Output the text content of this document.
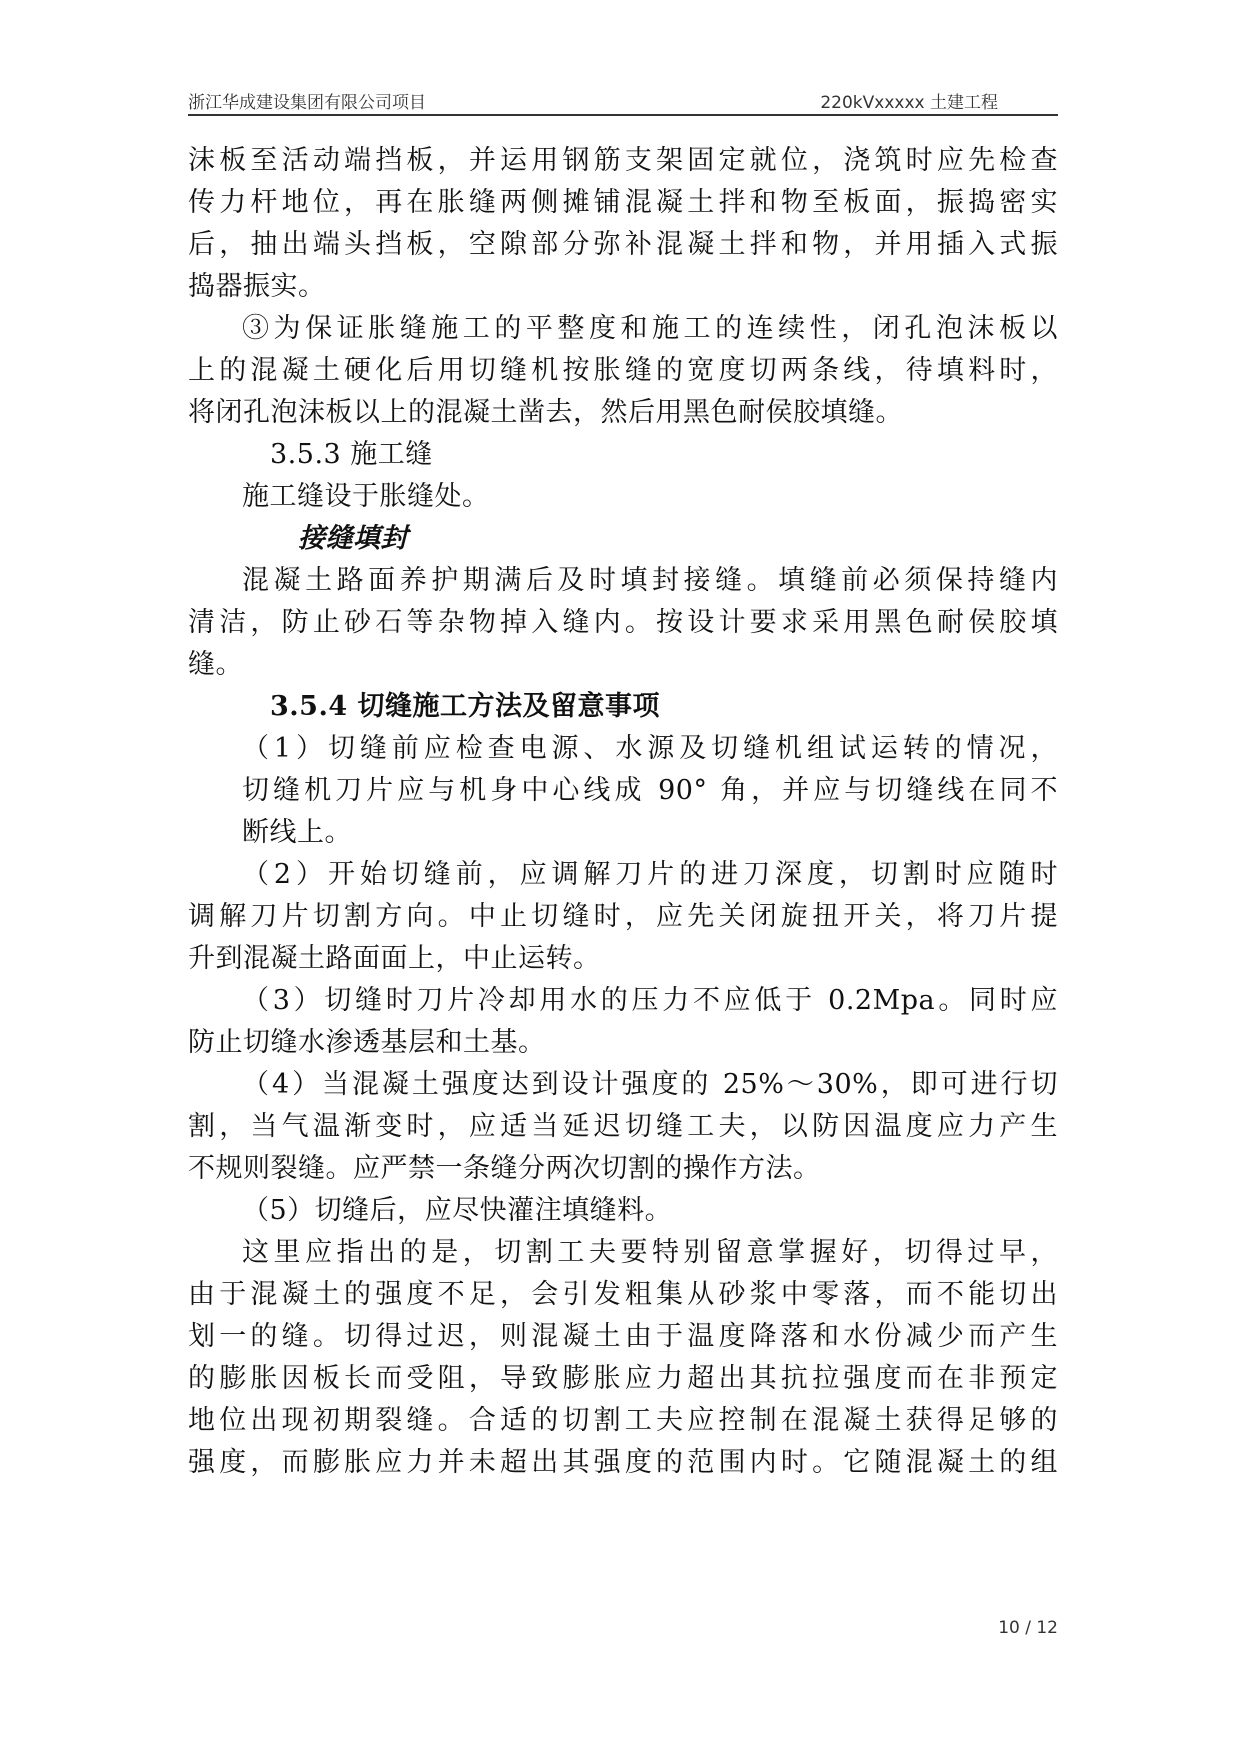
浙江华成建设集团有限公司项目	220kVxxxxx 土建工程
沫板至活动端挡板，并运用钢筋支架固定就位，浇筑时应先检查
传力杆地位，再在胀缝两侧摊铺混凝土拌和物至板面，振捣密实
后，抽出端头挡板，空隙部分弥补混凝土拌和物，并用插入式振
捣器振实。
③为保证胀缝施工的平整度和施工的连续性，闭孔泡沫板以
上的混凝土硬化后用切缝机按胀缝的宽度切两条线，待填料时，
将闭孔泡沫板以上的混凝土凿去，然后用黑色耐侯胶填缝。
3.5.3 施工缝
施工缝设于胀缝处。
接缝填封
混凝土路面养护期满后及时填封接缝。填缝前必须保持缝内
清洁，防止砂石等杂物掉入缝内。按设计要求采用黑色耐侯胶填
缝。
3.5.4 切缝施工方法及留意事项
（1）切缝前应检查电源、水源及切缝机组试运转的情况，
切缝机刀片应与机身中心线成 90° 角，并应与切缝线在同不
断线上。
（2）开始切缝前，应调解刀片的进刀深度，切割时应随时
调解刀片切割方向。中止切缝时，应先关闭旋扭开关，将刀片提
升到混凝土路面面上，中止运转。
（3）切缝时刀片冷却用水的压力不应低于 0.2Mpa。同时应
防止切缝水渗透基层和土基。
（4）当混凝土强度达到设计强度的 25%～30%，即可进行切
割，当气温渐变时，应适当延迟切缝工夫，以防因温度应力产生
不规则裂缝。应严禁一条缝分两次切割的操作方法。
（5）切缝后，应尽快灌注填缝料。
这里应指出的是，切割工夫要特别留意掌握好，切得过早，
由于混凝土的强度不足，会引发粗集从砂浆中零落，而不能切出
划一的缝。切得过迟，则混凝土由于温度降落和水份减少而产生
的膨胀因板长而受阻，导致膨胀应力超出其抗拉强度而在非预定
地位出现初期裂缝。合适的切割工夫应控制在混凝土获得足够的
强度，而膨胀应力并未超出其强度的范围内时。它随混凝土的组
10 / 12
